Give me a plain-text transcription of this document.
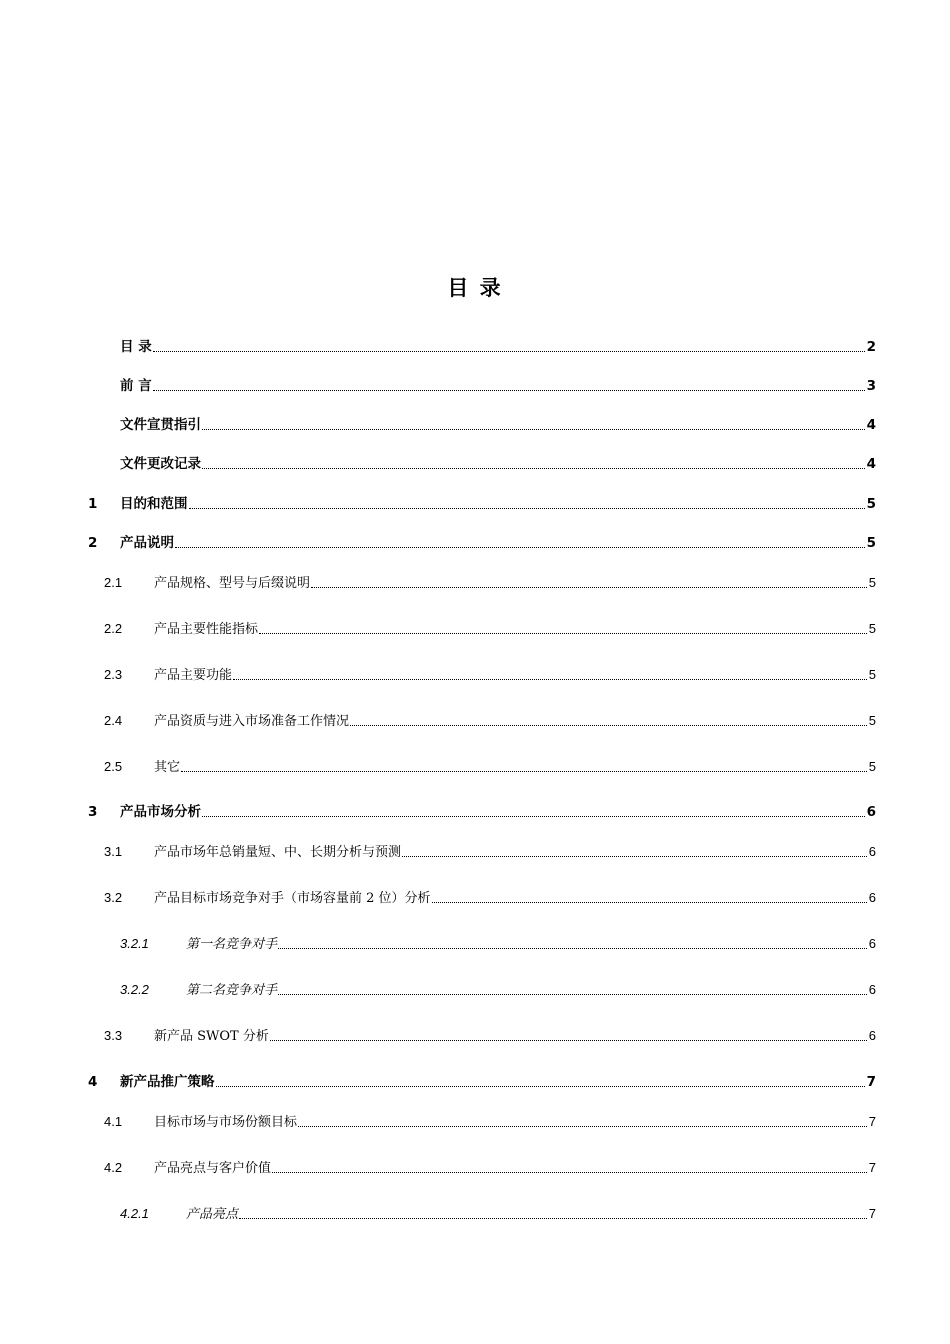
目 录
目 录	2
前 言	3
文件宣贯指引	4
文件更改记录	4
1	目的和范围	5
2	产品说明	5
2.1	产品规格、型号与后缀说明	5
2.2	产品主要性能指标	5
2.3	产品主要功能	5
2.4	产品资质与进入市场准备工作情况	5
2.5	其它	5
3	产品市场分析	6
3.1	产品市场年总销量短、中、长期分析与预测	6
3.2	产品目标市场竞争对手（市场容量前 2 位）分析	6
3.2.1	第一名竞争对手	6
3.2.2	第二名竞争对手	6
3.3	新产品 SWOT 分析	6
4	新产品推广策略	7
4.1	目标市场与市场份额目标	7
4.2	产品亮点与客户价值	7
4.2.1	产品亮点	7
